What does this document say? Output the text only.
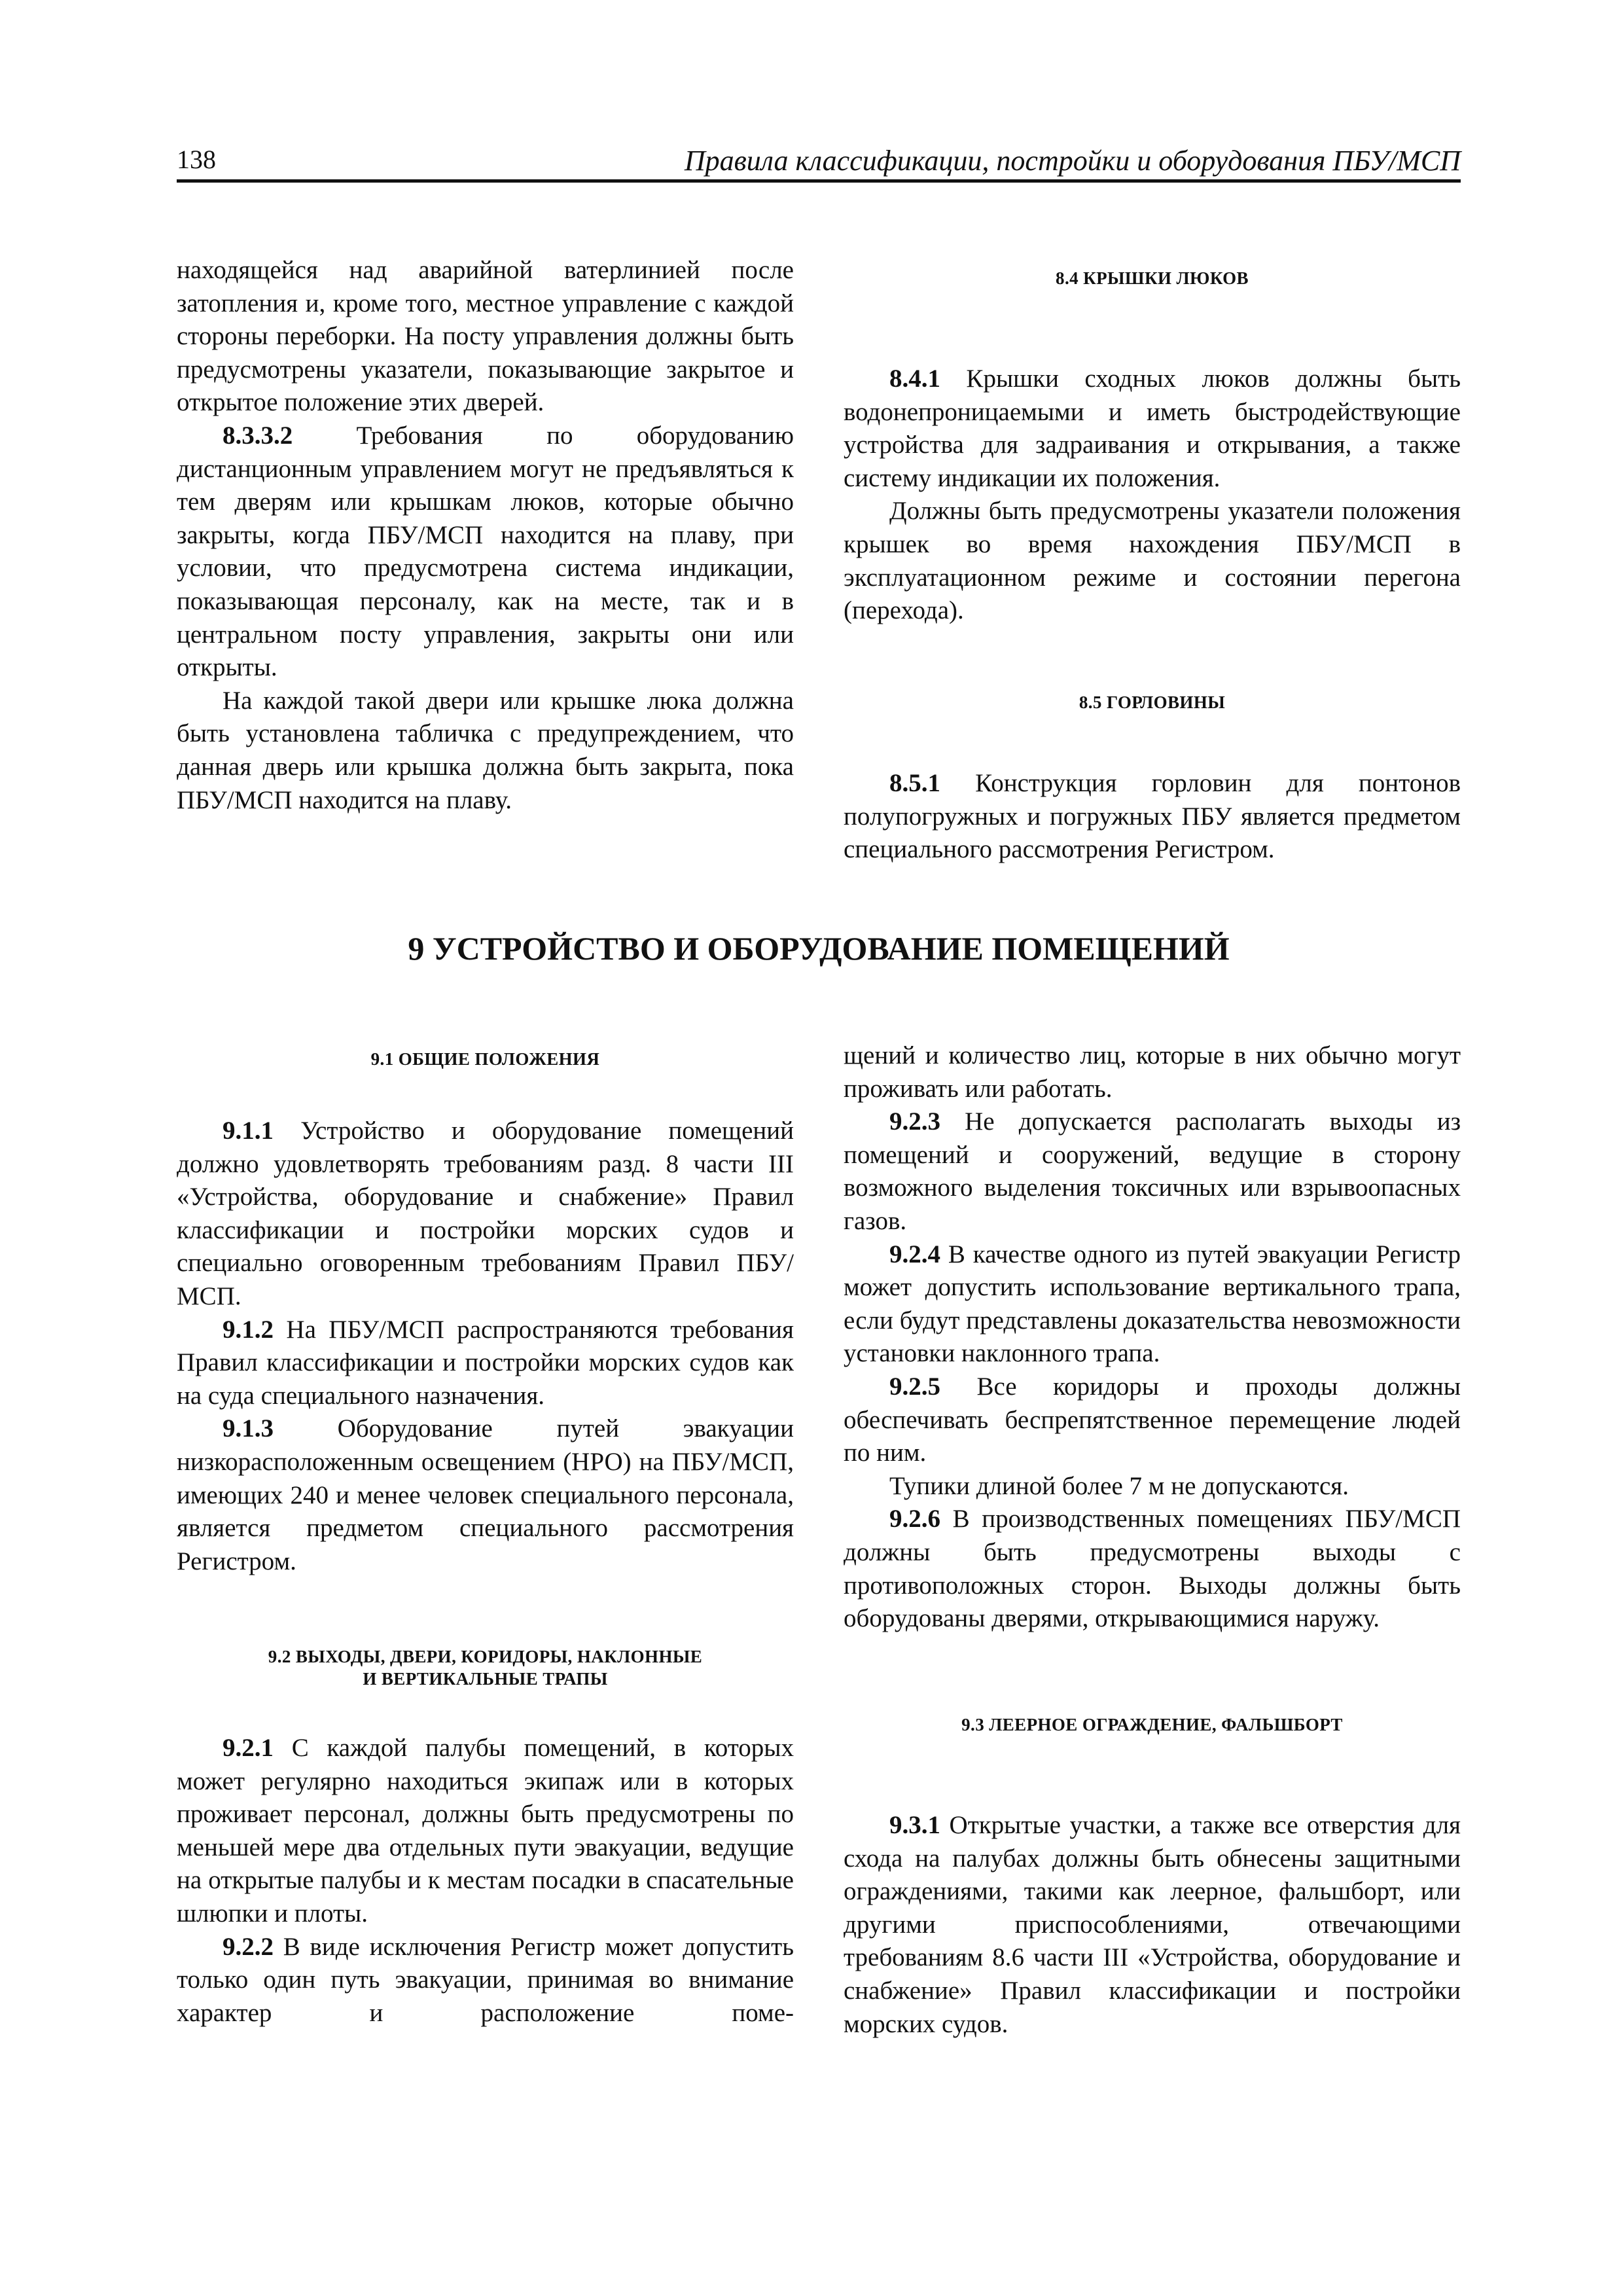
138	Правила классификации, постройки и оборудования ПБУ/МСП

находящейся над аварийной ватерлинией после затопления и, кроме того, местное управление с каждой стороны переборки. На посту управления должны быть предусмотрены указатели, показывающие закрытое и открытое положение этих дверей.

8.3.3.2 Требования по оборудованию дистанционным управлением могут не предъявляться к тем дверям или крышкам люков, которые обычно закрыты, когда ПБУ/МСП находится на плаву, при условии, что предусмотрена система индикации, показывающая персоналу, как на месте, так и в центральном посту управления, закрыты они или открыты.

На каждой такой двери или крышке люка должна быть установлена табличка с предупреждением, что данная дверь или крышка должна быть закрыта, пока ПБУ/МСП находится на плаву.

8.4 КРЫШКИ ЛЮКОВ

8.4.1 Крышки сходных люков должны быть водонепроницаемыми и иметь быстродействующие устройства для задраивания и открывания, а также систему индикации их положения.

Должны быть предусмотрены указатели положения крышек во время нахождения ПБУ/МСП в эксплуатационном режиме и состоянии перегона (перехода).

8.5 ГОРЛОВИНЫ

8.5.1 Конструкция горловин для понтонов полупогружных и погружных ПБУ является предметом специального рассмотрения Регистром.

9 УСТРОЙСТВО И ОБОРУДОВАНИЕ ПОМЕЩЕНИЙ
9.1 ОБЩИЕ ПОЛОЖЕНИЯ

9.1.1 Устройство и оборудование помещений должно удовлетворять требованиям разд. 8 части III «Устройства, оборудование и снабжение» Правил классификации и постройки морских судов и специально оговоренным требованиям Правил ПБУ/МСП.

9.1.2 На ПБУ/МСП распространяются требования Правил классификации и постройки морских судов как на суда специального назначения.

9.1.3 Оборудование путей эвакуации низкорасположенным освещением (НРО) на ПБУ/МСП, имеющих 240 и менее человек специального персонала, является предметом специального рассмотрения Регистром.

9.2 ВЫХОДЫ, ДВЕРИ, КОРИДОРЫ, НАКЛОННЫЕ
И ВЕРТИКАЛЬНЫЕ ТРАПЫ

9.2.1 С каждой палубы помещений, в которых может регулярно находиться экипаж или в которых проживает персонал, должны быть предусмотрены по меньшей мере два отдельных пути эвакуации, ведущие на открытые палубы и к местам посадки в спасательные шлюпки и плоты.

9.2.2 В виде исключения Регистр может допустить только один путь эвакуации, принимая во внимание характер и расположение поме-

щений и количество лиц, которые в них обычно могут проживать или работать.

9.2.3 Не допускается располагать выходы из помещений и сооружений, ведущие в сторону возможного выделения токсичных или взрывоопасных газов.

9.2.4 В качестве одного из путей эвакуации Регистр может допустить использование вертикального трапа, если будут представлены доказательства невозможности установки наклонного трапа.

9.2.5 Все коридоры и проходы должны обеспечивать беспрепятственное перемещение людей по ним.

Тупики длиной более 7 м не допускаются.

9.2.6 В производственных помещениях ПБУ/МСП должны быть предусмотрены выходы с противоположных сторон. Выходы должны быть оборудованы дверями, открывающимися наружу.

9.3 ЛЕЕРНОЕ ОГРАЖДЕНИЕ, ФАЛЬШБОРТ

9.3.1 Открытые участки, а также все отверстия для схода на палубах должны быть обнесены защитными ограждениями, такими как леерное, фальшборт, или другими приспособлениями, отвечающими требованиям 8.6 части III «Устройства, оборудование и снабжение» Правил классификации и постройки морских судов.
